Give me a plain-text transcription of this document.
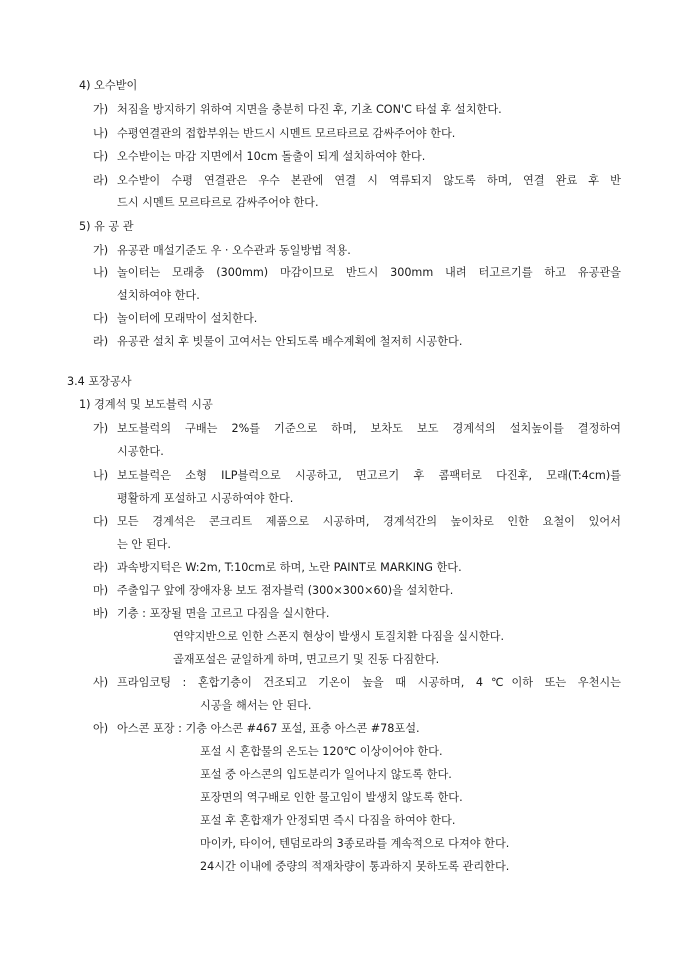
4) 오수받이
가) 처짐을 방지하기 위하여 지면을 충분히 다진 후, 기초 CON'C 타설 후 설치한다.
나) 수평연결관의 접합부위는 반드시 시멘트 모르타르로 감싸주어야 한다.
다) 오수받이는 마감 지면에서 10cm 돌출이 되게 설치하여야 한다.
라) 오수받이 수평 연결관은 우수 본관에 연결 시 역류되지 않도록 하며, 연결 완료 후 반
드시 시멘트 모르타르로 감싸주어야 한다.
5) 유 공 관
가) 유공관 매설기준도 우 · 오수관과 동일방법 적용.
나) 놀이터는 모래층 (300mm) 마감이므로 반드시 300mm 내려 터고르기를 하고 유공관을
설치하여야 한다.
다) 놀이터에 모래막이 설치한다.
라) 유공관 설치 후 빗물이 고여서는 안되도록 배수계획에 철저히 시공한다.
3.4 포장공사
1) 경계석 및 보도블럭 시공
가) 보도블럭의 구배는 2%를 기준으로 하며, 보차도 보도 경계석의 설치높이를 결정하여
시공한다.
나) 보도블럭은 소형 ILP블럭으로 시공하고, 면고르기 후 콤팩터로 다진후, 모래(T:4cm)를
평활하게 포설하고 시공하여야 한다.
다) 모든 경계석은 콘크리트 제품으로 시공하며, 경계석간의 높이차로 인한 요철이 있어서
는 안 된다.
라) 과속방지턱은 W:2m, T:10cm로 하며, 노란 PAINT로 MARKING 한다.
마) 주출입구 앞에 장애자용 보도 점자블럭 (300×300×60)을 설치한다.
바) 기층 : 포장될 면을 고르고 다짐을 실시한다.
연약지반으로 인한 스폰지 현상이 발생시 토질치환 다짐을 실시한다.
골재포설은 균일하게 하며, 면고르기 및 진동 다짐한다.
사) 프라임코팅 : 혼합기층이 건조되고 기온이 높을 때 시공하며, 4℃이하 또는 우천시는
시공을 해서는 안 된다.
아) 아스콘 포장 : 기층 아스콘 #467 포설, 표층 아스콘 #78포설.
포설 시 혼합물의 온도는 120℃ 이상이어야 한다.
포설 중 아스콘의 입도분리가 일어나지 않도록 한다.
포장면의 역구배로 인한 물고임이 발생치 않도록 한다.
포설 후 혼합재가 안정되면 즉시 다짐을 하여야 한다.
마이카, 타이어, 텐덤로라의 3종로라를 계속적으로 다져야 한다.
24시간 이내에 중량의 적재차량이 통과하지 못하도록 관리한다.
